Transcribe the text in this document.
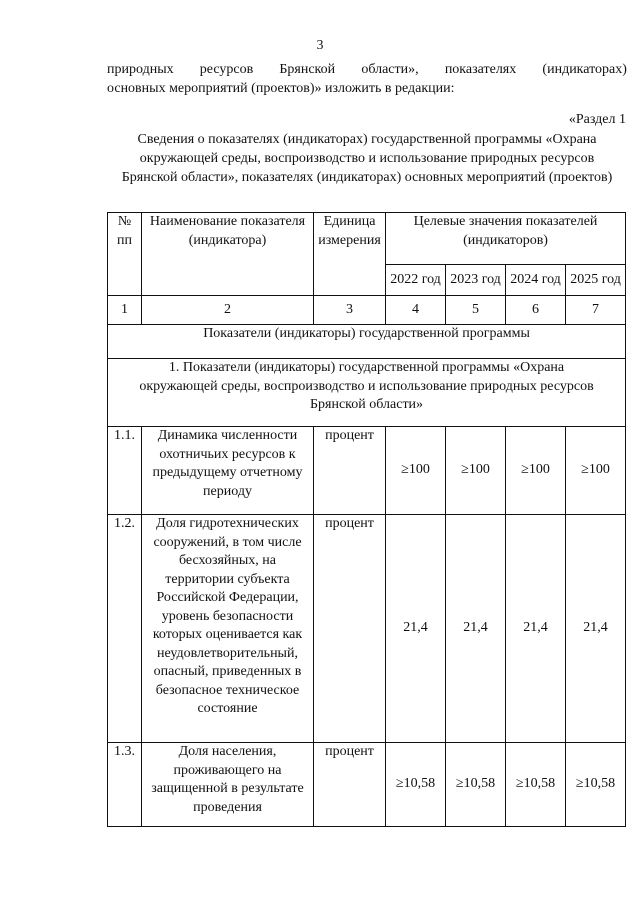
3
природных ресурсов Брянской области», показателях (индикаторах)
основных мероприятий (проектов)» изложить в редакции:
«Раздел 1
Сведения о показателях (индикаторах) государственной программы «Охрана окружающей среды, воспроизводство и использование природных ресурсов Брянской области», показателях (индикаторах) основных мероприятий (проектов)
№ пп	Наименование показателя (индикатора)	Единица измерения	Целевые значения показателей (индикаторов)			
			2022 год	2023 год	2024 год	2025 год
1	2	3	4	5	6	7
Показатели (индикаторы) государственной программы						
1. Показатели (индикаторы) государственной программы «Охрана окружающей среды, воспроизводство и использование природных ресурсов Брянской области»						
1.1.	Динамика численности охотничьих ресурсов к предыдущему отчетному периоду	процент	≥100	≥100	≥100	≥100
1.2.	Доля гидротехнических сооружений, в том числе бесхозяйных, на территории субъекта Российской Федерации, уровень безопасности которых оценивается как неудовлетворительный, опасный, приведенных в безопасное техническое состояние	процент	21,4	21,4	21,4	21,4
1.3.	Доля населения, проживающего на защищенной в результате проведения	процент	≥10,58	≥10,58	≥10,58	≥10,58
